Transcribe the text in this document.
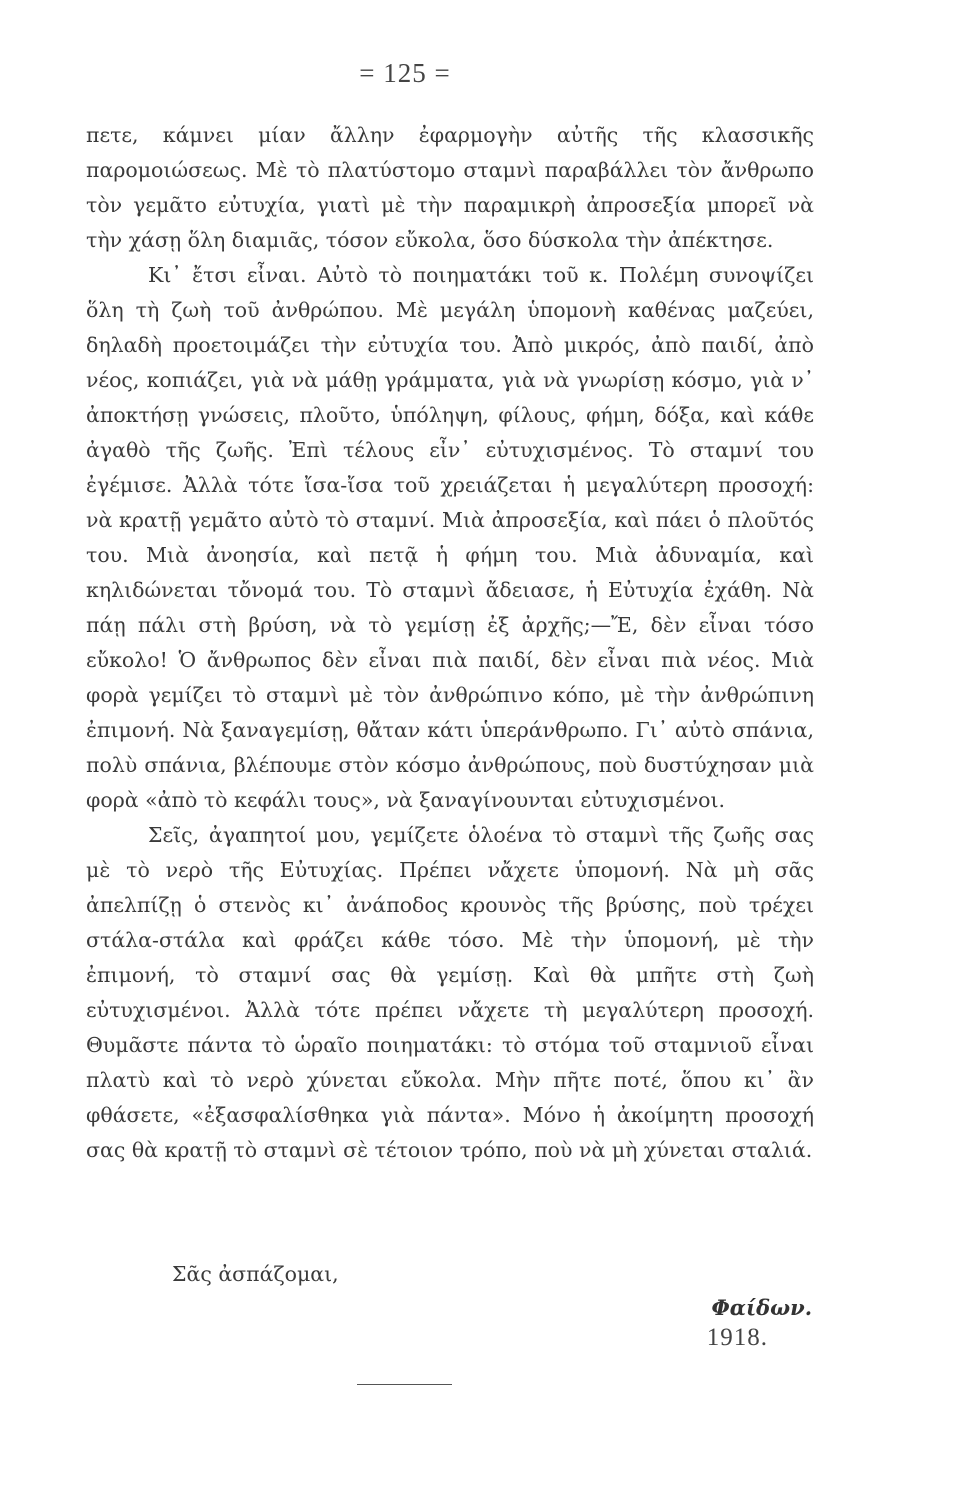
= 125 =

πετε, κάμνει μίαν ἄλλην ἐφαρμογὴν αὐτῆς τῆς κλασσικῆς παρομοιώσεως. Μὲ τὸ πλατύστομο σταμνὶ παραβάλλει τὸν ἄνθρωπο τὸν γεμᾶτο εὐτυχία, γιατὶ μὲ τὴν παραμικρὴ ἀπροσεξία μπορεῖ νὰ τὴν χάσῃ ὅλη διαμιᾶς, τόσον εὔκολα, ὅσο δύσκολα τὴν ἀπέκτησε.

Κι᾽ ἔτσι εἶναι. Αὐτὸ τὸ ποιηματάκι τοῦ κ. Πολέμη συνοψίζει ὅλη τὴ ζωὴ τοῦ ἀνθρώπου. Μὲ μεγάλη ὑπομονὴ καθένας μαζεύει, δηλαδὴ προετοιμάζει τὴν εὐτυχία του. Ἀπὸ μικρός, ἀπὸ παιδί, ἀπὸ νέος, κοπιάζει, γιὰ νὰ μάθῃ γράμματα, γιὰ νὰ γνωρίσῃ κόσμο, γιὰ ν᾽ ἀποκτήσῃ γνώσεις, πλοῦτο, ὑπόληψη, φίλους, φήμη, δόξα, καὶ κάθε ἀγαθὸ τῆς ζωῆς. Ἐπὶ τέλους εἶν᾽ εὐτυχισμένος. Τὸ σταμνί του ἐγέμισε. Ἀλλὰ τότε ἴσα-ἴσα τοῦ χρειάζεται ἡ μεγαλύτερη προσοχή: νὰ κρατῇ γεμᾶτο αὐτὸ τὸ σταμνί. Μιὰ ἀπροσεξία, καὶ πάει ὁ πλοῦτός του. Μιὰ ἀνοησία, καὶ πετᾷ ἡ φήμη του. Μιὰ ἀδυναμία, καὶ κηλιδώνεται τὄνομά του. Τὸ σταμνὶ ἄδειασε, ἡ Εὐτυχία ἐχάθη. Νὰ πάῃ πάλι στὴ βρύση, νὰ τὸ γεμίσῃ ἐξ ἀρχῆς;—Ἔ, δὲν εἶναι τόσο εὔκολο! Ὁ ἄνθρωπος δὲν εἶναι πιὰ παιδί, δὲν εἶναι πιὰ νέος. Μιὰ φορὰ γεμίζει τὸ σταμνὶ μὲ τὸν ἀνθρώπινο κόπο, μὲ τὴν ἀνθρώπινη ἐπιμονή. Νὰ ξαναγεμίσῃ, θἄταν κάτι ὑπεράνθρωπο. Γι᾽ αὐτὸ σπάνια, πολὺ σπάνια, βλέπουμε στὸν κόσμο ἀνθρώπους, ποὺ δυστύχησαν μιὰ φορὰ «ἀπὸ τὸ κεφάλι τους», νὰ ξαναγίνουνται εὐτυχισμένοι.

Σεῖς, ἀγαπητοί μου, γεμίζετε ὁλοένα τὸ σταμνὶ τῆς ζωῆς σας μὲ τὸ νερὸ τῆς Εὐτυχίας. Πρέπει νἄχετε ὑπομονή. Νὰ μὴ σᾶς ἀπελπίζῃ ὁ στενὸς κι᾽ ἀνάποδος κρουνὸς τῆς βρύσης, ποὺ τρέχει στάλα-στάλα καὶ φράζει κάθε τόσο. Μὲ τὴν ὑπομονή, μὲ τὴν ἐπιμονή, τὸ σταμνί σας θὰ γεμίσῃ. Καὶ θὰ μπῆτε στὴ ζωὴ εὐτυχισμένοι. Ἀλλὰ τότε πρέπει νἄχετε τὴ μεγαλύτερη προσοχή. Θυμᾶστε πάντα τὸ ὡραῖο ποιηματάκι: τὸ στόμα τοῦ σταμνιοῦ εἶναι πλατὺ καὶ τὸ νερὸ χύνεται εὔκολα. Μὴν πῆτε ποτέ, ὅπου κι᾽ ἂν φθάσετε, «ἐξασφαλίσθηκα γιὰ πάντα». Μόνο ἡ ἀκοίμητη προσοχή σας θὰ κρατῇ τὸ σταμνὶ σὲ τέτοιον τρόπο, ποὺ νὰ μὴ χύνεται σταλιά.

Σᾶς ἀσπάζομαι,
Φαίδων.
1918.
